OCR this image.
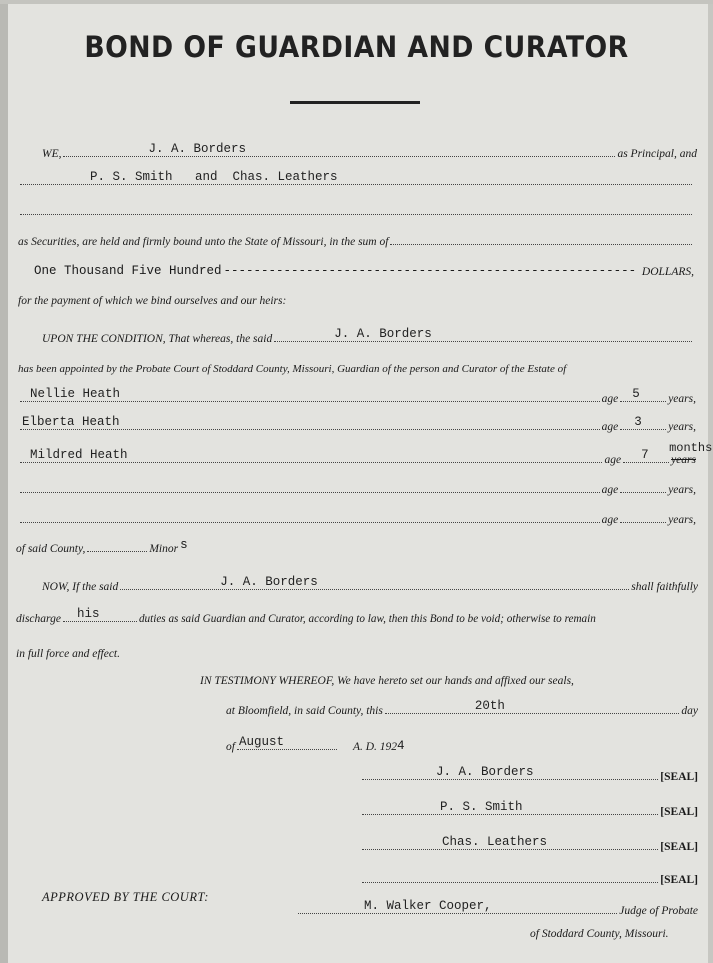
BOND OF GUARDIAN AND CURATOR
WE,	J. A. Borders	as Principal, and
P. S. Smith   and  Chas. Leathers
as Securities, are held and firmly bound unto the State of Missouri, in the sum of
One Thousand Five Hundred ------------------------------------------------------- DOLLARS,
for the payment of which we bind ourselves and our heirs:
UPON THE CONDITION, That whereas, the said	J. A. Borders
has been appointed by the Probate Court of Stoddard County, Missouri, Guardian of the person and Curator of the Estate of
Nellie Heath	age 5 years,
Elberta Heath	age 3 years,
Mildred Heath	age 7 years
months
age	years,
age	years,
of said County,	Minor s
NOW, If the said	J. A. Borders	shall faithfully
discharge his	duties as said Guardian and Curator, according to law, then this Bond to be void; otherwise to remain
in full force and effect.
IN TESTIMONY WHEREOF, We have hereto set our hands and affixed our seals,
at Bloomfield, in said County, this	20th	day
of August	A. D. 192 4
J. A. Borders	[SEAL]
P. S. Smith	[SEAL]
Chas. Leathers	[SEAL]
[SEAL]
APPROVED BY THE COURT:
M. Walker Cooper,	Judge of Probate
of Stoddard County, Missouri.
